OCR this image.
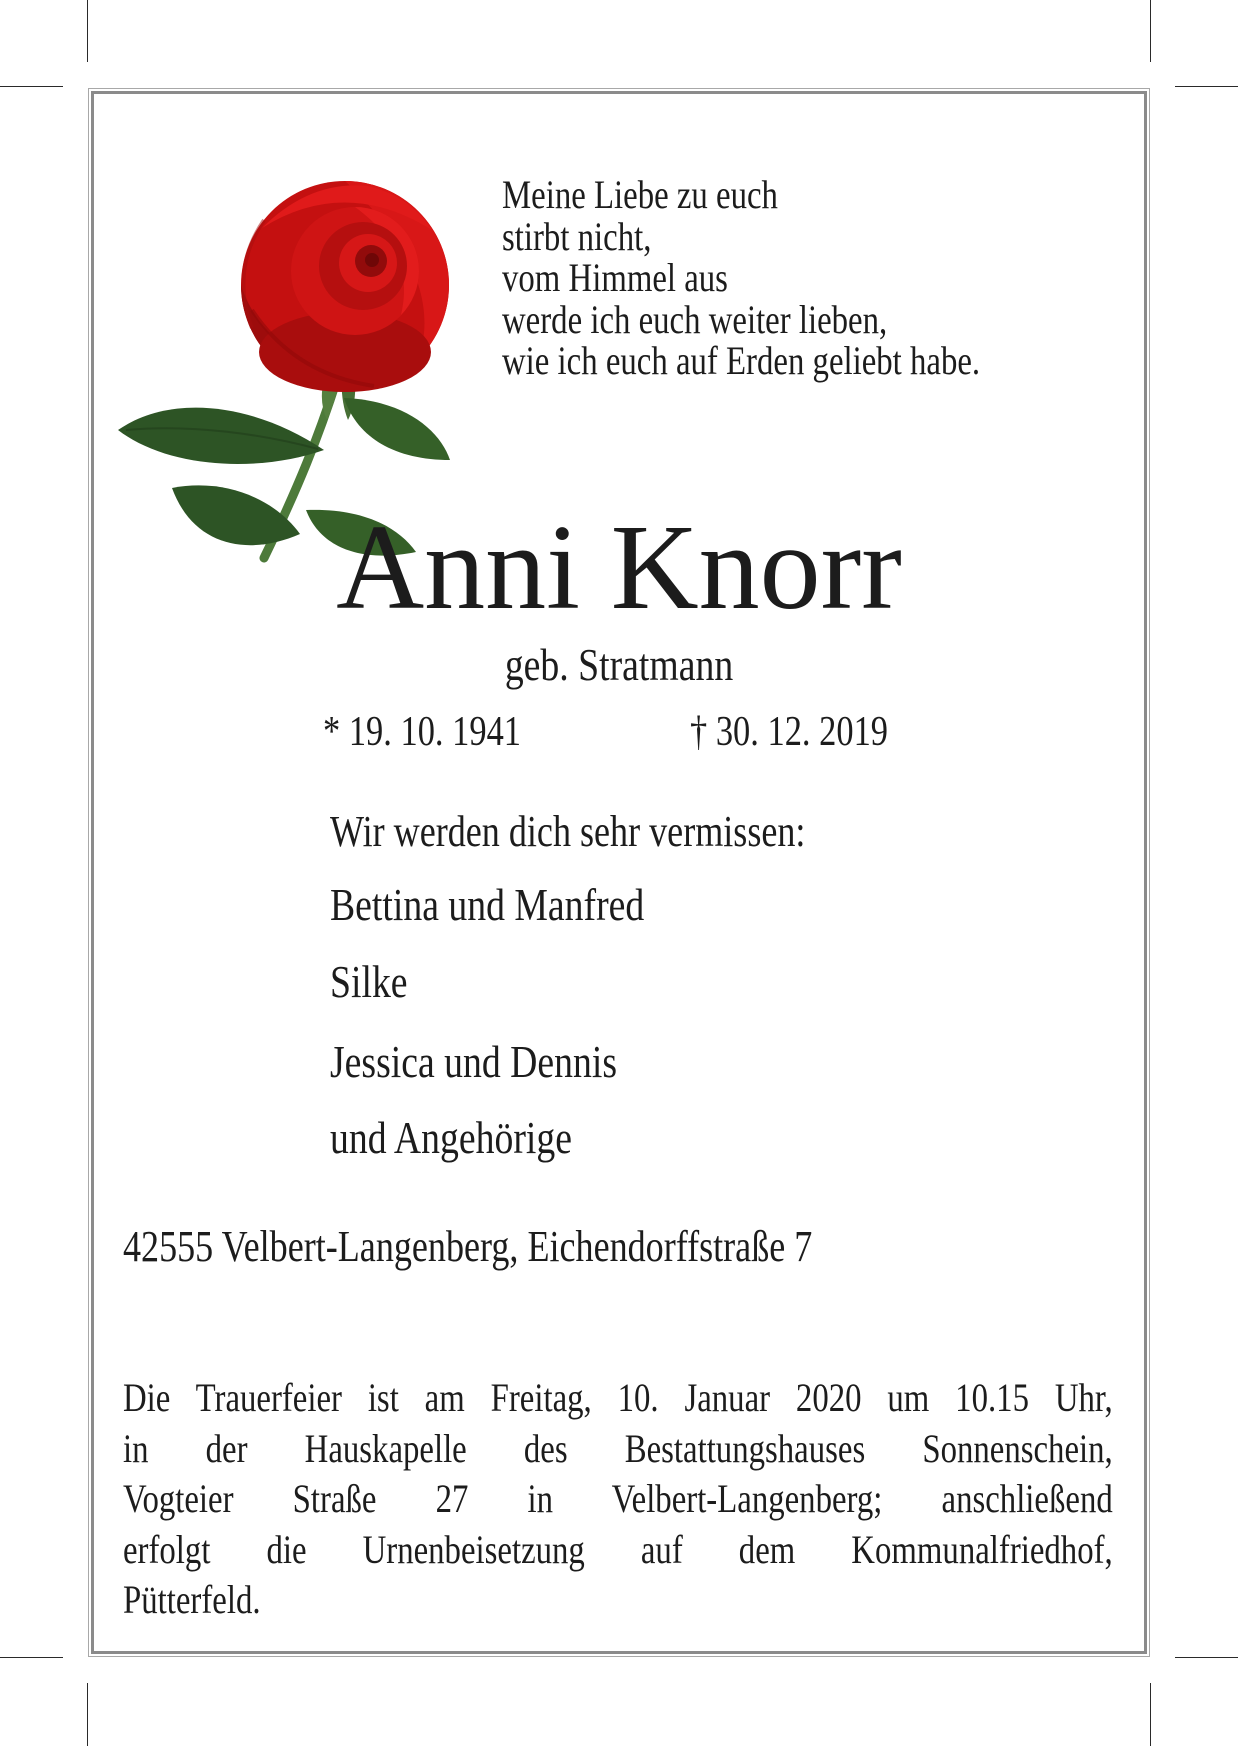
Meine Liebe zu euch
stirbt nicht,
vom Himmel aus
werde ich euch weiter lieben,
wie ich euch auf Erden geliebt habe.
Anni Knorr
geb. Stratmann
* 19. 10. 1941	† 30. 12. 2019
Wir werden dich sehr vermissen:
Bettina und Manfred
Silke
Jessica und Dennis
und Angehörige
42555 Velbert-Langenberg, Eichendorffstraße 7
Die Trauerfeier ist am Freitag, 10. Januar 2020 um 10.15 Uhr,
in der Hauskapelle des Bestattungshauses Sonnenschein,
Vogteier Straße 27 in Velbert-Langenberg; anschließend
erfolgt die Urnenbeisetzung auf dem Kommunalfriedhof,
Pütterfeld.
